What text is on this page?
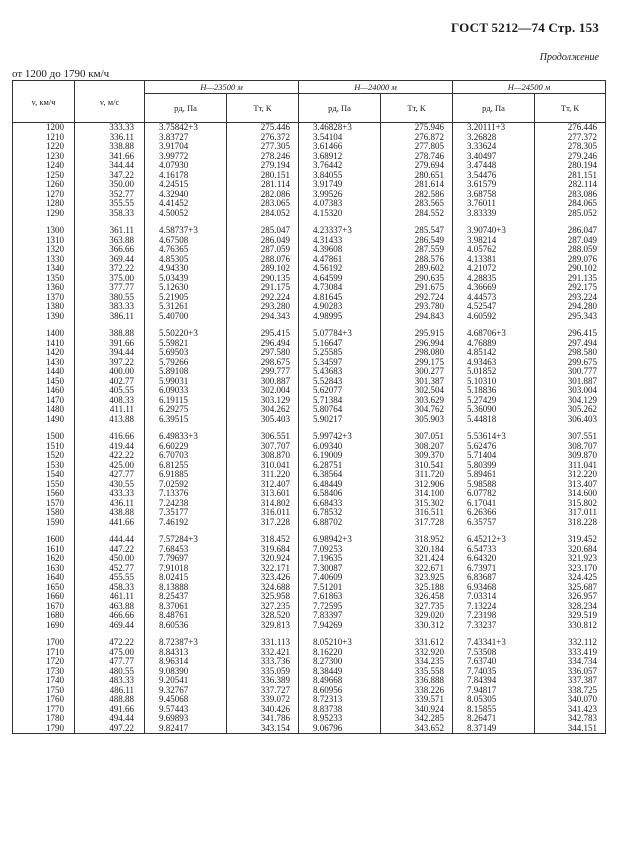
ГОСТ 5212—74 Стр. 153
Продолжение
от 1200 до 1790 км/ч
v, км/ч	v, м/с	H—23500 м		H—24000 м		H—24500 м	
		pд, Па	Tт, К	pд, Па	Tт, К	pд, Па	Tт, К
1200	333.33	3.75842+3	275.446	3.46828+3	275.946	3.20111+3	276.446
1210	336.11	3.83727	276.372	3.54104	276.872	3.26828	277.372
1220	338.88	3.91704	277.305	3.61466	277.805	3.33624	278.305
1230	341.66	3.99772	278.246	3.68912	278.746	3.40497	279.246
1240	344.44	4.07930	279.194	3.76442	279.694	3.47448	280.194
1250	347.22	4.16178	280.151	3.84055	280.651	3.54476	281.151
1260	350.00	4.24515	281.114	3.91749	281.614	3.61579	282.114
1270	352.77	4.32940	282.086	3.99526	282.586	3.68758	283.086
1280	355.55	4.41452	283.065	4.07383	283.565	3.76011	284.065
1290	358.33	4.50052	284.052	4.15320	284.552	3.83339	285.052

1300	361.11	4.58737+3	285.047	4.23337+3	285.547	3.90740+3	286.047
1310	363.88	4.67508	286.049	4.31433	286.549	3.98214	287.049
1320	366.66	4.76365	287.059	4.39608	287.559	4.05762	288.059
1330	369.44	4.85305	288.076	4.47861	288.576	4.13381	289.076
1340	372.22	4.94330	289.102	4.56192	289.602	4.21072	290.102
1350	375.00	5.03439	290.135	4.64599	290.635	4.28835	291.135
1360	377.77	5.12630	291.175	4.73084	291.675	4.36669	292.175
1370	380.55	5.21905	292.224	4.81645	292.724	4.44573	293.224
1380	383.33	5.31261	293.280	4.90283	293.780	4.52547	294.280
1390	386.11	5.40700	294.343	4.98995	294.843	4.60592	295.343

1400	388.88	5.50220+3	295.415	5.07784+3	295.915	4.68706+3	296.415
1410	391.66	5.59821	296.494	5.16647	296.994	4.76889	297.494
1420	394.44	5.69503	297.580	5.25585	298.080	4.85142	298.580
1430	397.22	5.79266	298.675	5.34597	299.175	4.93463	299.675
1440	400.00	5.89108	299.777	5.43683	300.277	5.01852	300.777
1450	402.77	5.99031	300.887	5.52843	301.387	5.10310	301.887
1460	405.55	6.09033	302.004	5.62077	302.504	5.18836	303.004
1470	408.33	6.19115	303.129	5.71384	303.629	5.27429	304.129
1480	411.11	6.29275	304.262	5.80764	304.762	5.36090	305.262
1490	413.88	6.39515	305.403	5.90217	305.903	5.44818	306.403

1500	416.66	6.49833+3	306.551	5.99742+3	307.051	5.53614+3	307.551
1510	419.44	6.60229	307.707	6.09340	308.207	5.62476	308.707
1520	422.22	6.70703	308.870	6.19009	309.370	5.71404	309.870
1530	425.00	6.81255	310.041	6.28751	310.541	5.80399	311.041
1540	427.77	6.91885	311.220	6.38564	311.720	5.89461	312.220
1550	430.55	7.02592	312.407	6.48449	312.906	5.98588	313.407
1560	433.33	7.13376	313.601	6.58406	314.100	6.07782	314.600
1570	436.11	7.24238	314.802	6.68433	315.302	6.17041	315.802
1580	438.88	7.35177	316.011	6.78532	316.511	6.26366	317.011
1590	441.66	7.46192	317.228	6.88702	317.728	6.35757	318.228

1600	444.44	7.57284+3	318.452	6.98942+3	318.952	6.45212+3	319.452
1610	447.22	7.68453	319.684	7.09253	320.184	6.54733	320.684
1620	450.00	7.79697	320.924	7.19635	321.424	6.64320	321.923
1630	452.77	7.91018	322.171	7.30087	322.671	6.73971	323.170
1640	455.55	8.02415	323.426	7.40609	323.925	6.83687	324.425
1650	458.33	8.13888	324.688	7.51201	325.188	6.93468	325.687
1660	461.11	8.25437	325.958	7.61863	326.458	7.03314	326.957
1670	463.88	8.37061	327.235	7.72595	327.735	7.13224	328.234
1680	466.66	8.48761	328.520	7.83397	329.020	7.23198	329.519
1690	469.44	8.60536	329.813	7.94269	330.312	7.33237	330.812

1700	472.22	8.72387+3	331.113	8.05210+3	331.612	7.43341+3	332.112
1710	475.00	8.84313	332.421	8.16220	332.920	7.53508	333.419
1720	477.77	8.96314	333.736	8.27300	334.235	7.63740	334.734
1730	480.55	9.08390	335.059	8.38449	335.558	7.74035	336.057
1740	483.33	9.20541	336.389	8.49668	336.888	7.84394	337.387
1750	486.11	9.32767	337.727	8.60956	338.226	7.94817	338.725
1760	488.88	9.45068	339.072	8.72313	339.571	8.05305	340.070
1770	491.66	9.57443	340.426	8.83738	340.924	8.15855	341.423
1780	494.44	9.69893	341.786	8.95233	342.285	8.26471	342.783
1790	497.22	9.82417	343.154	9.06796	343.652	8.37149	344.151
